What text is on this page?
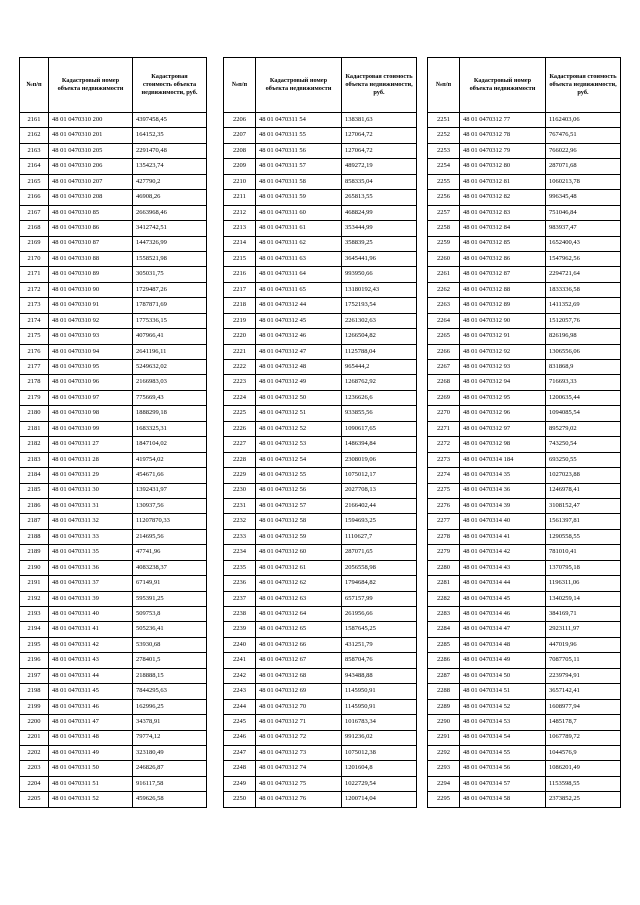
№п/п	Кадастровый номер объекта недвижимости	Кадастровая стоимость объекта недвижимости, руб.
2161	48 01 0470310 200	4397458,45
2162	48 01 0470310 201	164152,35
2163	48 01 0470310 205	2291470,48
2164	48 01 0470310 206	135423,74
2165	48 01 0470310 207	427790,2
2166	48 01 0470310 208	46908,26
2167	48 01 0470310 85	2663968,46
2168	48 01 0470310 86	3412742,51
2169	48 01 0470310 87	1447326,99
2170	48 01 0470310 88	1558521,98
2171	48 01 0470310 89	305031,75
2172	48 01 0470310 90	1729487,26
2173	48 01 0470310 91	1787871,69
2174	48 01 0470310 92	1775336,15
2175	48 01 0470310 93	407966,41
2176	48 01 0470310 94	2641196,11
2177	48 01 0470310 95	5249632,02
2178	48 01 0470310 96	2166983,03
2179	48 01 0470310 97	775669,43
2180	48 01 0470310 98	1888299,18
2181	48 01 0470310 99	1683325,31
2182	48 01 0470311 27	1847104,02
2183	48 01 0470311 28	419754,02
2184	48 01 0470311 29	454671,66
2185	48 01 0470311 30	1392431,97
2186	48 01 0470311 31	130937,56
2187	48 01 0470311 32	11207870,33
2188	48 01 0470311 33	214695,56
2189	48 01 0470311 35	47741,96
2190	48 01 0470311 36	4083238,37
2191	48 01 0470311 37	67149,91
2192	48 01 0470311 39	595391,25
2193	48 01 0470311 40	509753,8
2194	48 01 0470311 41	505236,41
2195	48 01 0470311 42	53930,68
2196	48 01 0470311 43	278401,5
2197	48 01 0470311 44	218888,15
2198	48 01 0470311 45	7844295,63
2199	48 01 0470311 46	162996,25
2200	48 01 0470311 47	34378,91
2201	48 01 0470311 48	79774,12
2202	48 01 0470311 49	323180,49
2203	48 01 0470311 50	246826,87
2204	48 01 0470311 51	916117,58
2205	48 01 0470311 52	459626,58
№п/п	Кадастровый номер объекта недвижимости	Кадастровая стоимость объекта недвижимости, руб.
2206	48 01 0470311 54	138381,63
2207	48 01 0470311 55	127064,72
2208	48 01 0470311 56	127064,72
2209	48 01 0470311 57	489272,19
2210	48 01 0470311 58	858335,04
2211	48 01 0470311 59	265813,55
2212	48 01 0470311 60	468824,99
2213	48 01 0470311 61	353444,99
2214	48 01 0470311 62	358839,25
2215	48 01 0470311 63	3645441,96
2216	48 01 0470311 64	993950,66
2217	48 01 0470311 65	13180192,43
2218	48 01 0470312 44	1752193,54
2219	48 01 0470312 45	2261302,63
2220	48 01 0470312 46	1266504,82
2221	48 01 0470312 47	1125788,04
2222	48 01 0470312 48	965444,2
2223	48 01 0470312 49	1268762,92
2224	48 01 0470312 50	1236626,6
2225	48 01 0470312 51	933855,56
2226	48 01 0470312 52	1090617,65
2227	48 01 0470312 53	1486394,84
2228	48 01 0470312 54	2308019,06
2229	48 01 0470312 55	1075012,17
2230	48 01 0470312 56	2027708,13
2231	48 01 0470312 57	2166402,44
2232	48 01 0470312 58	1594693,25
2233	48 01 0470312 59	1110627,7
2234	48 01 0470312 60	287071,65
2235	48 01 0470312 61	2056558,98
2236	48 01 0470312 62	1794684,82
2237	48 01 0470312 63	657157,99
2238	48 01 0470312 64	261956,66
2239	48 01 0470312 65	1587645,25
2240	48 01 0470312 66	431251,79
2241	48 01 0470312 67	858704,76
2242	48 01 0470312 68	943488,88
2243	48 01 0470312 69	1145950,91
2244	48 01 0470312 70	1145950,91
2245	48 01 0470312 71	1016783,34
2246	48 01 0470312 72	991236,02
2247	48 01 0470312 73	1075012,38
2248	48 01 0470312 74	1201604,8
2249	48 01 0470312 75	1022729,54
2250	48 01 0470312 76	1200714,04
№п/п	Кадастровый номер объекта недвижимости	Кадастровая стоимость объекта недвижимости, руб.
2251	48 01 0470312 77	1162403,06
2252	48 01 0470312 78	767476,51
2253	48 01 0470312 79	766022,96
2254	48 01 0470312 80	287071,68
2255	48 01 0470312 81	1060213,78
2256	48 01 0470312 82	996345,48
2257	48 01 0470312 83	751046,84
2258	48 01 0470312 84	983937,47
2259	48 01 0470312 85	1652400,43
2260	48 01 0470312 86	1547962,56
2261	48 01 0470312 87	2294721,64
2262	48 01 0470312 88	1833336,58
2263	48 01 0470312 89	1411352,69
2264	48 01 0470312 90	1512057,76
2265	48 01 0470312 91	826196,98
2266	48 01 0470312 92	1306556,06
2267	48 01 0470312 93	831868,9
2268	48 01 0470312 94	716693,33
2269	48 01 0470312 95	1200635,44
2270	48 01 0470312 96	1094085,54
2271	48 01 0470312 97	895279,02
2272	48 01 0470312 98	743250,54
2273	48 01 0470314 184	693250,55
2274	48 01 0470314 35	1027023,88
2275	48 01 0470314 36	1246978,41
2276	48 01 0470314 39	3108152,47
2277	48 01 0470314 40	1561397,81
2278	48 01 0470314 41	1290558,55
2279	48 01 0470314 42	781010,41
2280	48 01 0470314 43	1370795,18
2281	48 01 0470314 44	1196311,06
2282	48 01 0470314 45	1340259,14
2283	48 01 0470314 46	384169,71
2284	48 01 0470314 47	2923111,97
2285	48 01 0470314 48	447019,96
2286	48 01 0470314 49	7087705,11
2287	48 01 0470314 50	2239794,91
2288	48 01 0470314 51	3657142,41
2289	48 01 0470314 52	1608977,94
2290	48 01 0470314 53	1485178,7
2291	48 01 0470314 54	1067789,72
2292	48 01 0470314 55	1044576,9
2293	48 01 0470314 56	1086201,49
2294	48 01 0470314 57	1153598,55
2295	48 01 0470314 58	2373852,25
